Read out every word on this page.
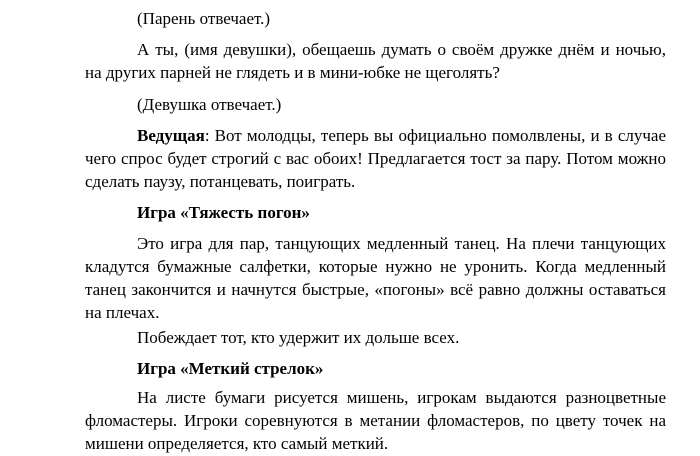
(Парень отвечает.)
А ты, (имя девушки), обещаешь думать о своём дружке днём и ночью,
на других парней не глядеть и в мини-юбке не щеголять?
(Девушка отвечает.)
Ведущая: Вот молодцы, теперь вы официально помолвлены, и в случае
чего спрос будет строгий с вас обоих! Предлагается тост за пару. Потом можно
сделать паузу, потанцевать, поиграть.
Игра «Тяжесть погон»
Это игра для пар, танцующих медленный танец. На плечи танцующих
кладутся бумажные салфетки, которые нужно не уронить. Когда медленный
танец закончится и начнутся быстрые, «погоны» всё равно должны оставаться
на плечах.
Побеждает тот, кто удержит их дольше всех.
Игра «Меткий стрелок»
На листе бумаги рисуется мишень, игрокам выдаются разноцветные
фломастеры. Игроки соревнуются в метании фломастеров, по цвету точек на
мишени определяется, кто самый меткий.
